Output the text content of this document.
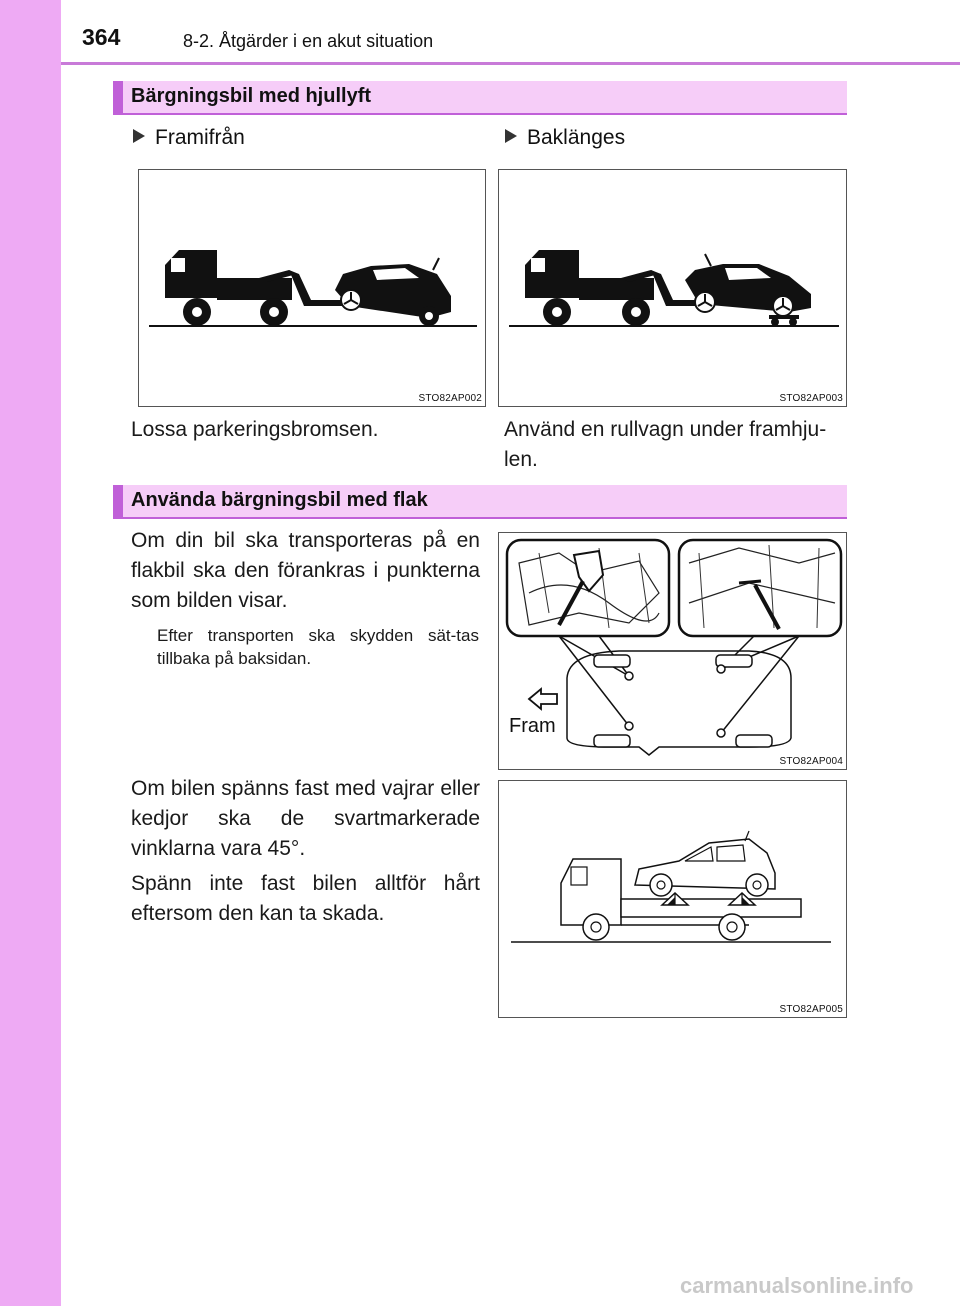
364	8-2. Åtgärder i en akut situation
Bärgningsbil med hjullyft
Framifrån	Baklänges
STO82AP002	STO82AP003
Lossa parkeringsbromsen.	Använd en rullvagn under framhju-len.
Använda bärgningsbil med flak
Om din bil ska transporteras på en flakbil ska den förankras i punkterna som bilden visar.
Efter transporten ska skydden sät-tas tillbaka på baksidan.
Fram
STO82AP004
Om bilen spänns fast med vajrar eller kedjor ska de svartmarkerade vinklarna vara 45°.
Spänn inte fast bilen alltför hårt eftersom den kan ta skada.
STO82AP005
carmanualsonline.info
